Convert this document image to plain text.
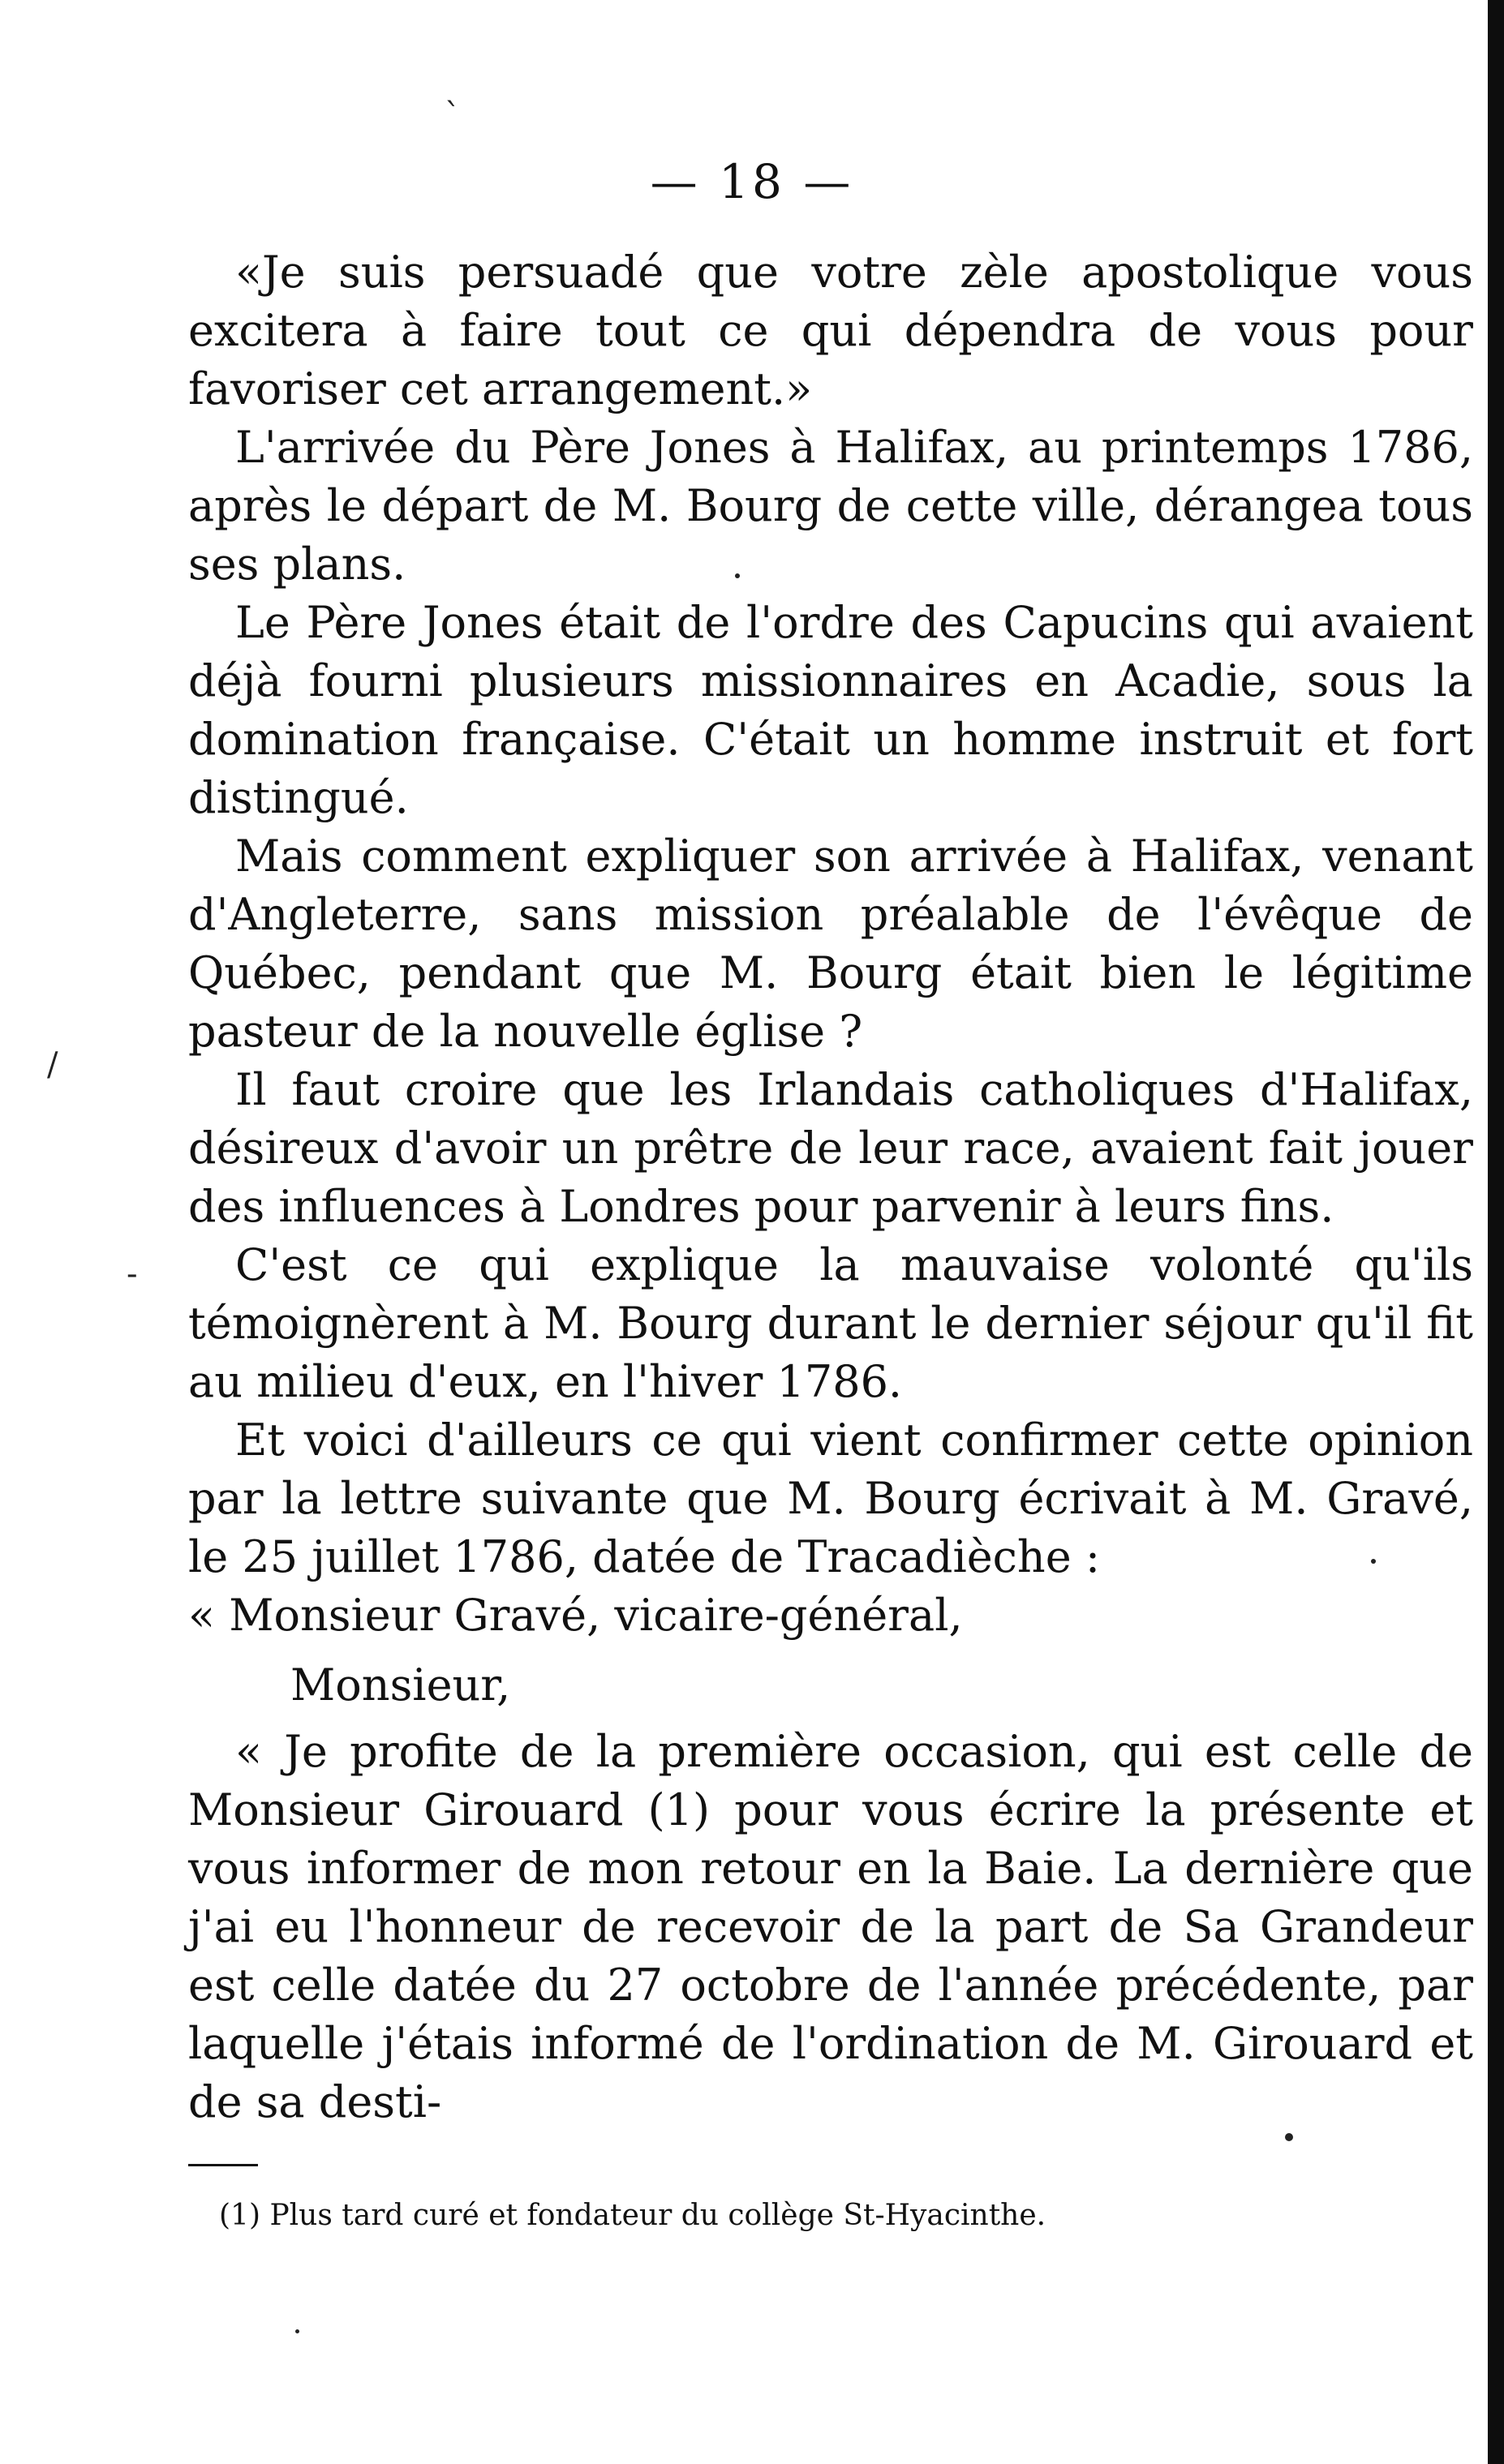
`
/
-
— 18 —

«Je suis persuadé que votre zèle apostolique vous excitera à faire tout ce qui dépendra de vous pour favoriser cet arrangement.»

L'arrivée du Père Jones à Halifax, au printemps 1786, après le départ de M. Bourg de cette ville, dérangea tous ses plans.

Le Père Jones était de l'ordre des Capucins qui avaient déjà fourni plusieurs missionnaires en Acadie, sous la domination française. C'était un homme instruit et fort distingué.

Mais comment expliquer son arrivée à Halifax, venant d'Angleterre, sans mission préalable de l'évêque de Québec, pendant que M. Bourg était bien le légitime pasteur de la nouvelle église ?

Il faut croire que les Irlandais catholiques d'Halifax, désireux d'avoir un prêtre de leur race, avaient fait jouer des influences à Londres pour parvenir à leurs fins.

C'est ce qui explique la mauvaise volonté qu'ils témoignèrent à M. Bourg durant le dernier séjour qu'il fit au milieu d'eux, en l'hiver 1786.

Et voici d'ailleurs ce qui vient confirmer cette opinion par la lettre suivante que M. Bourg écrivait à M. Gravé, le 25 juillet 1786, datée de Tracadièche :

« Monsieur Gravé, vicaire-général,

Monsieur,

« Je profite de la première occasion, qui est celle de Monsieur Girouard (1) pour vous écrire la présente et vous informer de mon retour en la Baie. La dernière que j'ai eu l'honneur de recevoir de la part de Sa Grandeur est celle datée du 27 octobre de l'année précédente, par laquelle j'étais informé de l'ordination de M. Girouard et de sa desti-

(1) Plus tard curé et fondateur du collège St-Hyacinthe.
